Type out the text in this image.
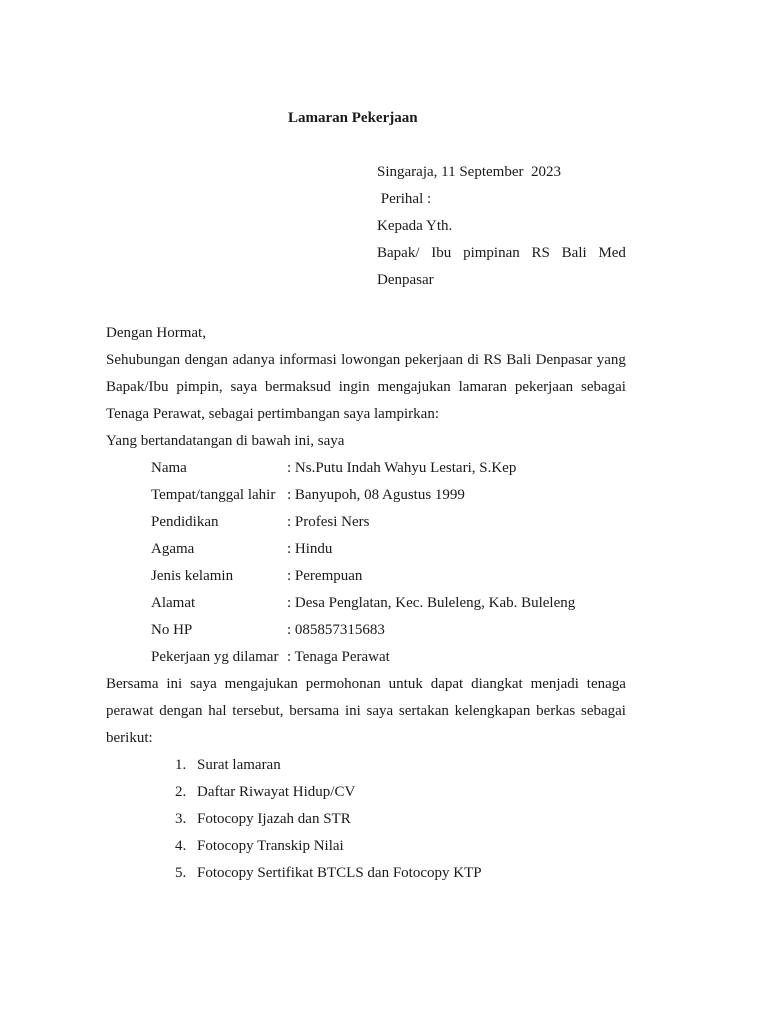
Lamaran Pekerjaan
Singaraja, 11 September  2023
Perihal :
Kepada Yth.
Bapak/ Ibu pimpinan RS Bali Med
Denpasar
Dengan Hormat,
Sehubungan dengan adanya informasi lowongan pekerjaan di RS Bali Denpasar yang
Bapak/Ibu pimpin, saya bermaksud ingin mengajukan lamaran pekerjaan sebagai
Tenaga Perawat, sebagai pertimbangan saya lampirkan:
Yang bertandatangan di bawah ini, saya
Nama	: Ns.Putu Indah Wahyu Lestari, S.Kep
Tempat/tanggal lahir : Banyupoh, 08 Agustus 1999
Pendidikan	: Profesi Ners
Agama	: Hindu
Jenis kelamin	: Perempuan
Alamat	: Desa Penglatan, Kec. Buleleng, Kab. Buleleng
No HP	: 085857315683
Pekerjaan yg dilamar : Tenaga Perawat
Bersama ini saya mengajukan permohonan untuk dapat diangkat menjadi tenaga
perawat dengan hal tersebut, bersama ini saya sertakan kelengkapan berkas sebagai
berikut:
1. Surat lamaran
2. Daftar Riwayat Hidup/CV
3. Fotocopy Ijazah dan STR
4. Fotocopy Transkip Nilai
5. Fotocopy Sertifikat BTCLS dan Fotocopy KTP
